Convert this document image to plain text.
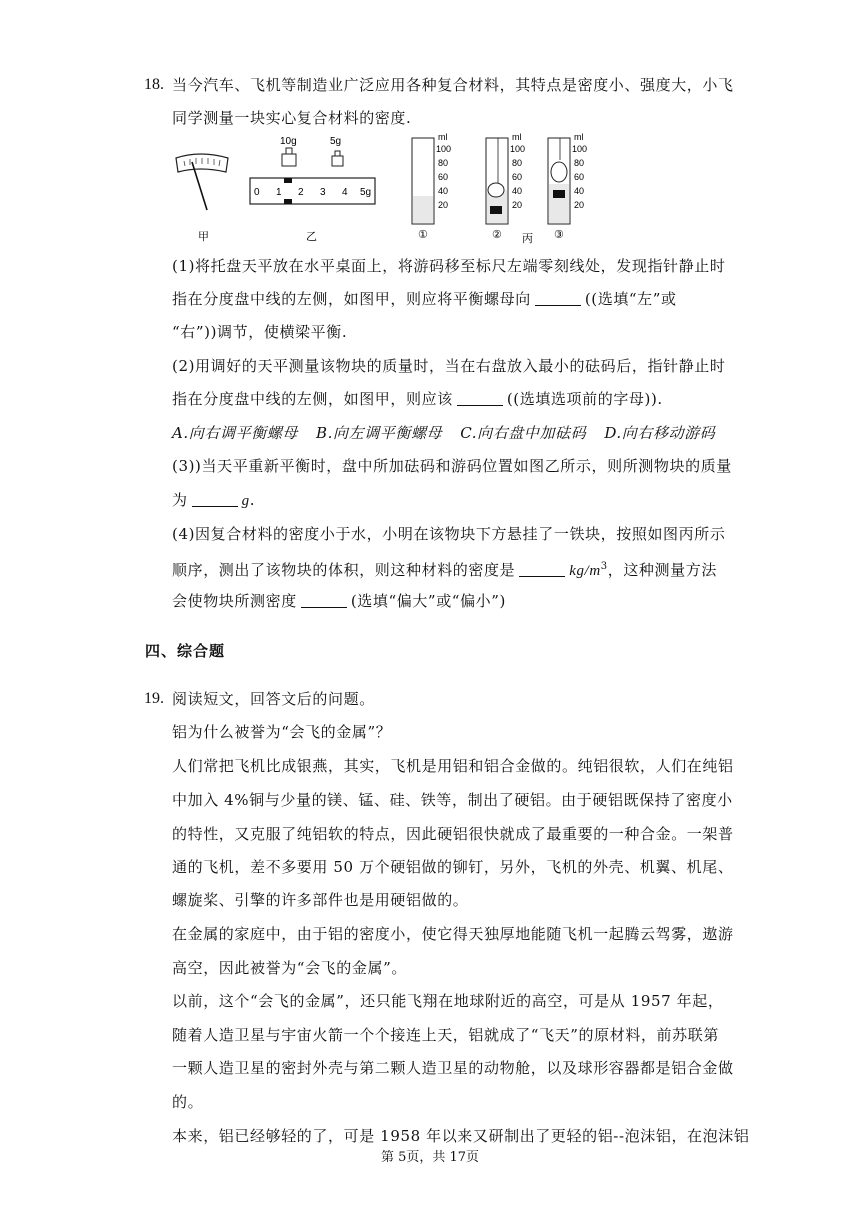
18. 当今汽车、飞机等制造业广泛应用各种复合材料，其特点是密度小、强度大，小飞
同学测量一块实心复合材料的密度.
甲
10g	5g
0 1 2 3 4 5g
乙
ml
100
80
60
40
20
ml
100
80
60
40
20
ml
100
80
60
40
20
①	② 丙 ③
(1)将托盘天平放在水平桌面上，将游码移至标尺左端零刻线处，发现指针静止时
指在分度盘中线的左侧，如图甲，则应将平衡螺母向	((选填“左”或
“右”))调节，使横梁平衡.
(2)用调好的天平测量该物块的质量时，当在右盘放入最小的砝码后，指针静止时
指在分度盘中线的左侧，如图甲，则应该	((选填选项前的字母)).
A.向右调平衡螺母 B.向左调平衡螺母 C.向右盘中加砝码 D.向右移动游码
(3))当天平重新平衡时，盘中所加砝码和游码位置如图乙所示，则所测物块的质量
为	g.
(4)因复合材料的密度小于水，小明在该物块下方悬挂了一铁块，按照如图丙所示
顺序，测出了该物块的体积，则这种材料的密度是	$kg/m^3$，这种测量方法
会使物块所测密度	(选填“偏大”或“偏小”)
四、综合题
19. 阅读短文，回答文后的问题。
铝为什么被誉为“会飞的金属”？
人们常把飞机比成银燕，其实，飞机是用铝和铝合金做的。纯铝很软，人们在纯铝
中加入 4%铜与少量的镁、锰、硅、铁等，制出了硬铝。由于硬铝既保持了密度小
的特性，又克服了纯铝软的特点，因此硬铝很快就成了最重要的一种合金。一架普
通的飞机，差不多要用 50 万个硬铝做的铆钉，另外，飞机的外壳、机翼、机尾、
螺旋桨、引擎的许多部件也是用硬铝做的。
在金属的家庭中，由于铝的密度小，使它得天独厚地能随飞机一起腾云驾雾，遨游
高空，因此被誉为“会飞的金属”。
以前，这个“会飞的金属”，还只能飞翔在地球附近的高空，可是从 1957 年起，
随着人造卫星与宇宙火箭一个个接连上天，铝就成了“飞天”的原材料，前苏联第
一颗人造卫星的密封外壳与第二颗人造卫星的动物舱，以及球形容器都是铝合金做
的。
本来，铝已经够轻的了，可是 1958 年以来又研制出了更轻的铝--泡沫铝，在泡沫铝
第 5页，共 17页
